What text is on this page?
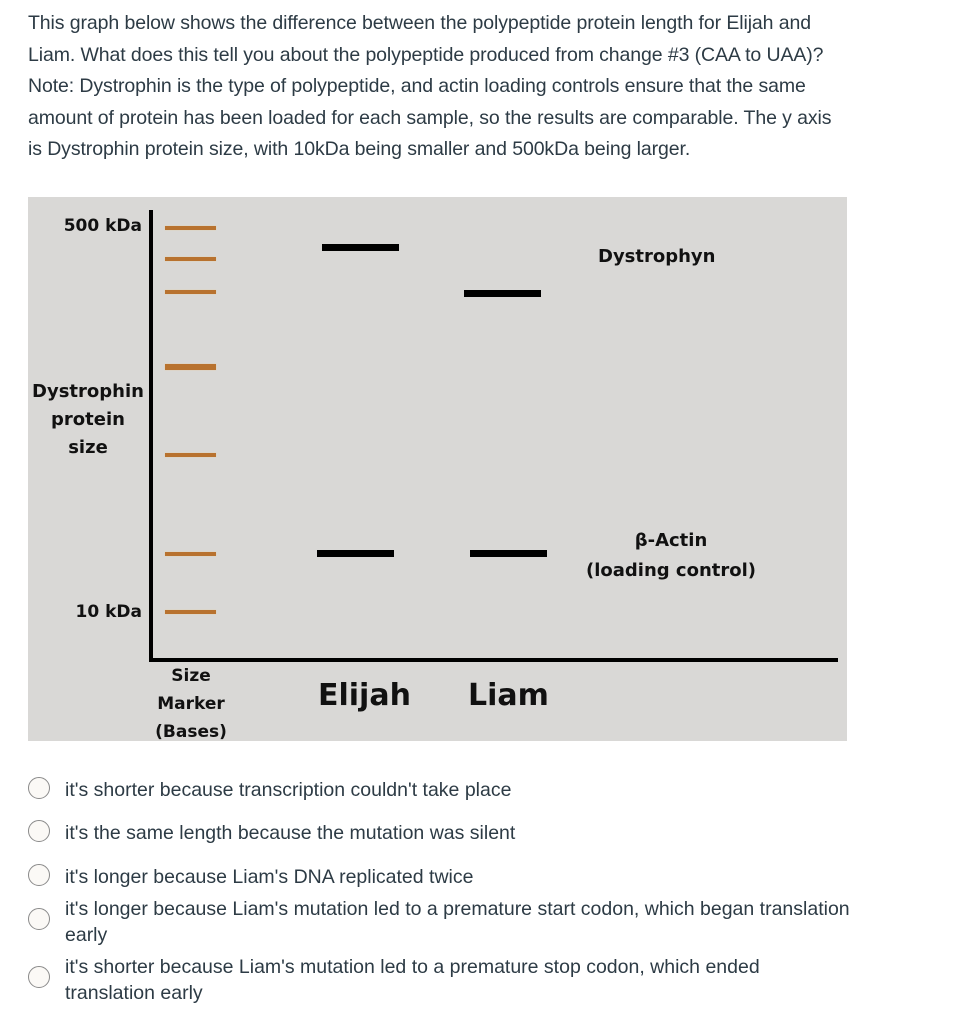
This graph below shows the difference between the polypeptide protein length for Elijah and Liam. What does this tell you about the polypeptide produced from change #3 (CAA to UAA)? Note: Dystrophin is the type of polypeptide, and actin loading controls ensure that the same amount of protein has been loaded for each sample, so the results are comparable. The y axis is Dystrophin protein size, with 10kDa being smaller and 500kDa being larger.
500 kDa
Dystrophin
protein
size
10 kDa
Dystrophyn
β-Actin
(loading control)
Size
Marker
(Bases)
Elijah Liam
it's shorter because transcription couldn't take place
it's the same length because the mutation was silent
it's longer because Liam's DNA replicated twice
it's longer because Liam's mutation led to a premature start codon, which began translation early
it's shorter because Liam's mutation led to a premature stop codon, which ended translation early
